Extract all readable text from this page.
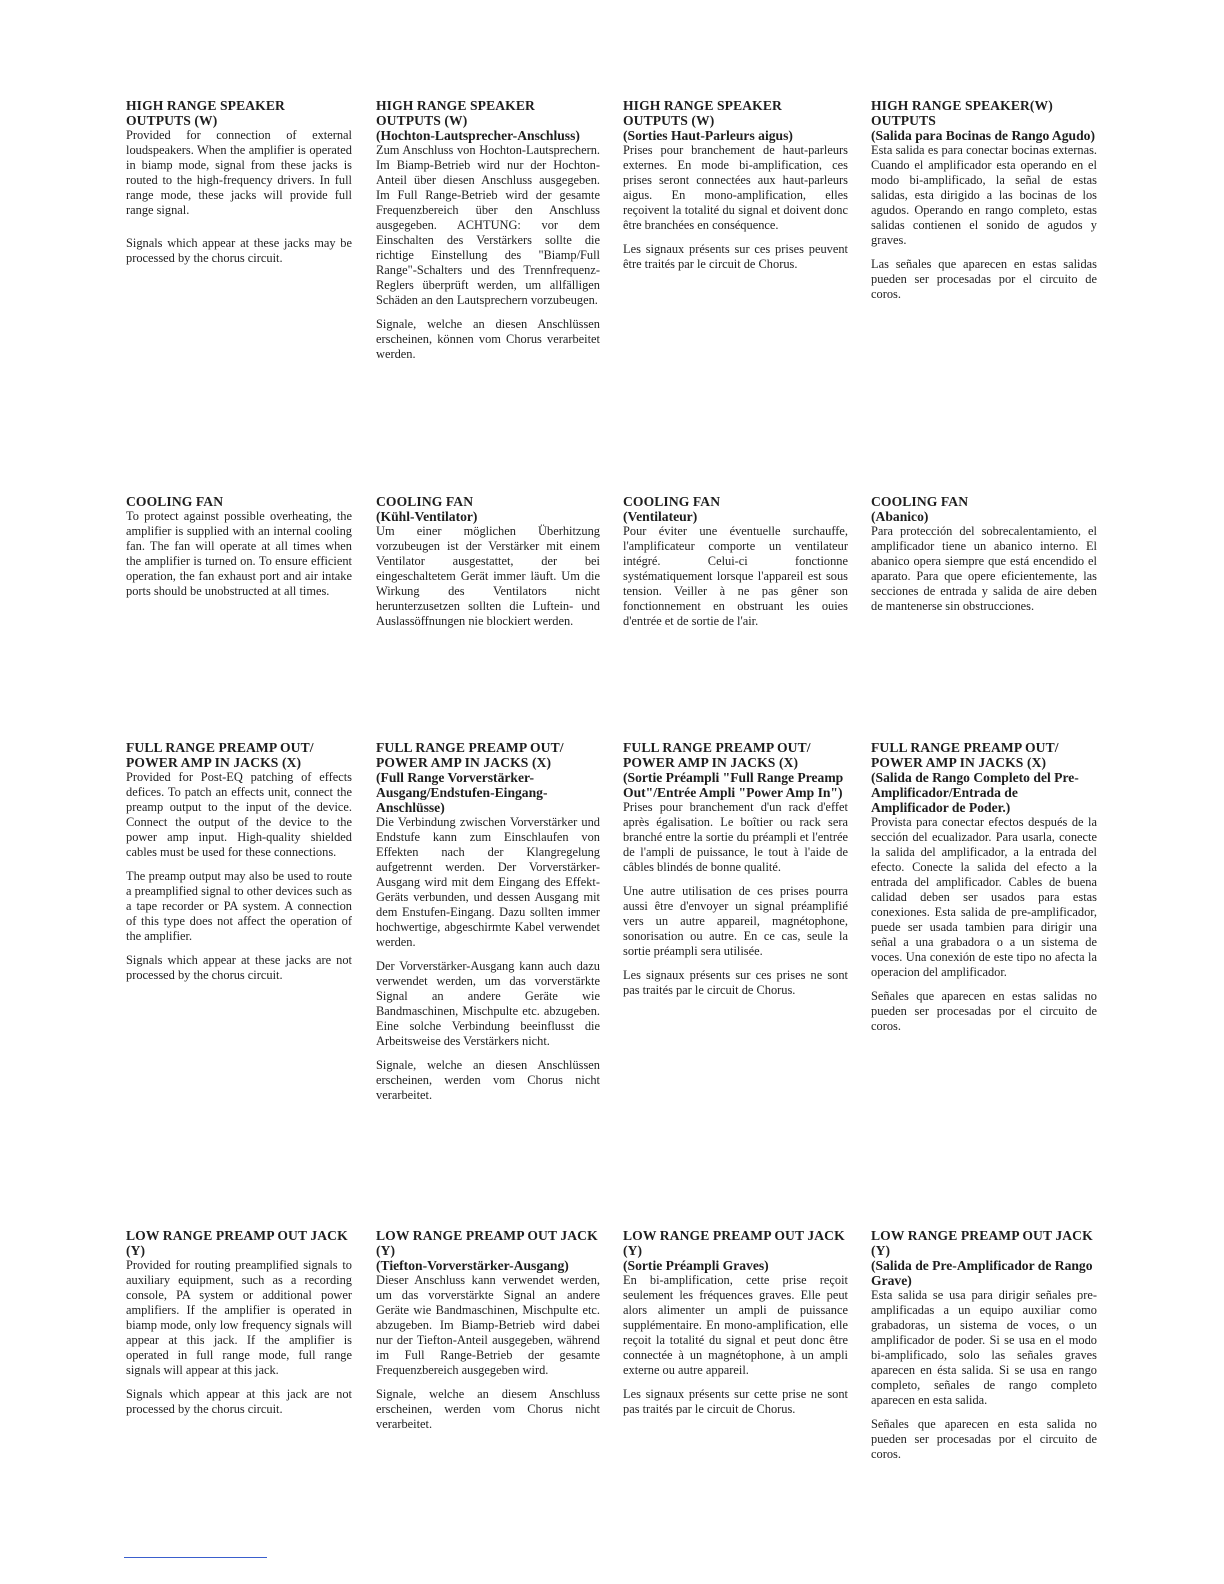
HIGH RANGE SPEAKER OUTPUTS (W)

Provided for connection of external loudspeakers. When the amplifier is operated in biamp mode, signal from these jacks is routed to the high-frequency drivers. In full range mode, these jacks will provide full range signal.

Signals which appear at these jacks may be processed by the chorus circuit.

HIGH RANGE SPEAKER OUTPUTS (W)

(Hochton-Lautsprecher-Anschluss)

Zum Anschluss von Hochton-Lautsprechern. Im Biamp-Betrieb wird nur der Hochton-Anteil über diesen Anschluss ausgegeben. Im Full Range-Betrieb wird der gesamte Frequenzbereich über den Anschluss ausgegeben. ACHTUNG: vor dem Einschalten des Verstärkers sollte die richtige Einstellung des "Biamp/Full Range"-Schalters und des Trennfrequenz-Reglers überprüft werden, um allfälligen Schäden an den Lautsprechern vorzubeugen.

Signale, welche an diesen Anschlüssen erscheinen, können vom Chorus verarbeitet werden.

HIGH RANGE SPEAKER OUTPUTS (W)

(Sorties Haut-Parleurs aigus)

Prises pour branchement de haut-parleurs externes. En mode bi-amplification, ces prises seront connectées aux haut-parleurs aigus. En mono-amplification, elles reçoivent la totalité du signal et doivent donc être branchées en conséquence.

Les signaux présents sur ces prises peuvent être traités par le circuit de Chorus.

HIGH RANGE SPEAKER(W) OUTPUTS

(Salida para Bocinas de Rango Agudo)

Esta salida es para conectar bocinas externas. Cuando el amplificador esta operando en el modo bi-amplificado, la señal de estas salidas, esta dirigido a las bocinas de los agudos. Operando en rango completo, estas salidas contienen el sonido de agudos y graves.

Las señales que aparecen en estas salidas pueden ser procesadas por el circuito de coros.

COOLING FAN

To protect against possible overheating, the amplifier is supplied with an internal cooling fan. The fan will operate at all times when the amplifier is turned on. To ensure efficient operation, the fan exhaust port and air intake ports should be unobstructed at all times.

COOLING FAN

(Kühl-Ventilator)

Um einer möglichen Überhitzung vorzubeugen ist der Verstärker mit einem Ventilator ausgestattet, der bei eingeschaltetem Gerät immer läuft. Um die Wirkung des Ventilators nicht herunterzusetzen sollten die Luftein- und Auslassöffnungen nie blockiert werden.

COOLING FAN

(Ventilateur)

Pour éviter une éventuelle surchauffe, l'amplificateur comporte un ventilateur intégré. Celui-ci fonctionne systématiquement lorsque l'appareil est sous tension. Veiller à ne pas gêner son fonctionnement en obstruant les ouies d'entrée et de sortie de l'air.

COOLING FAN

(Abanico)

Para protección del sobrecalentamiento, el amplificador tiene un abanico interno. El abanico opera siempre que está encendido el aparato. Para que opere eficientemente, las secciones de entrada y salida de aire deben de mantenerse sin obstrucciones.

FULL RANGE PREAMP OUT/ POWER AMP IN JACKS (X)

Provided for Post-EQ patching of effects defices. To patch an effects unit, connect the preamp output to the input of the device. Connect the output of the device to the power amp input. High-quality shielded cables must be used for these connections.

The preamp output may also be used to route a preamplified signal to other devices such as a tape recorder or PA system. A connection of this type does not affect the operation of the amplifier.

Signals which appear at these jacks are not processed by the chorus circuit.

FULL RANGE PREAMP OUT/ POWER AMP IN JACKS (X)

(Full Range Vorverstärker-Ausgang/Endstufen-Eingang-Anschlüsse)

Die Verbindung zwischen Vorverstärker und Endstufe kann zum Einschlaufen von Effekten nach der Klangregelung aufgetrennt werden. Der Vorverstärker-Ausgang wird mit dem Eingang des Effekt-Geräts verbunden, und dessen Ausgang mit dem Enstufen-Eingang. Dazu sollten immer hochwertige, abgeschirmte Kabel verwendet werden.

Der Vorverstärker-Ausgang kann auch dazu verwendet werden, um das vorverstärkte Signal an andere Geräte wie Bandmaschinen, Mischpulte etc. abzugeben. Eine solche Verbindung beeinflusst die Arbeitsweise des Verstärkers nicht.

Signale, welche an diesen Anschlüssen erscheinen, werden vom Chorus nicht verarbeitet.

FULL RANGE PREAMP OUT/ POWER AMP IN JACKS (X)

(Sortie Préampli "Full Range Preamp Out"/Entrée Ampli "Power Amp In")

Prises pour branchement d'un rack d'effet après égalisation. Le boîtier ou rack sera branché entre la sortie du préampli et l'entrée de l'ampli de puissance, le tout à l'aide de câbles blindés de bonne qualité.

Une autre utilisation de ces prises pourra aussi être d'envoyer un signal préamplifié vers un autre appareil, magnétophone, sonorisation ou autre. En ce cas, seule la sortie préampli sera utilisée.

Les signaux présents sur ces prises ne sont pas traités par le circuit de Chorus.

FULL RANGE PREAMP OUT/ POWER AMP IN JACKS (X)

(Salida de Rango Completo del Pre-Amplificador/Entrada de Amplificador de Poder.)

Provista para conectar efectos después de la sección del ecualizador. Para usarla, conecte la salida del amplificador, a la entrada del efecto. Conecte la salida del efecto a la entrada del amplificador. Cables de buena calidad deben ser usados para estas conexiones. Esta salida de pre-amplificador, puede ser usada tambien para dirigir una señal a una grabadora o a un sistema de voces. Una conexión de este tipo no afecta la operacion del amplificador.

Señales que aparecen en estas salidas no pueden ser procesadas por el circuito de coros.

LOW RANGE PREAMP OUT JACK (Y)

Provided for routing preamplified signals to auxiliary equipment, such as a recording console, PA system or additional power amplifiers. If the amplifier is operated in biamp mode, only low frequency signals will appear at this jack. If the amplifier is operated in full range mode, full range signals will appear at this jack.

Signals which appear at this jack are not processed by the chorus circuit.

LOW RANGE PREAMP OUT JACK (Y)

(Tiefton-Vorverstärker-Ausgang)

Dieser Anschluss kann verwendet werden, um das vorverstärkte Signal an andere Geräte wie Bandmaschinen, Mischpulte etc. abzugeben. Im Biamp-Betrieb wird dabei nur der Tiefton-Anteil ausgegeben, während im Full Range-Betrieb der gesamte Frequenzbereich ausgegeben wird.

Signale, welche an diesem Anschluss erscheinen, werden vom Chorus nicht verarbeitet.

LOW RANGE PREAMP OUT JACK (Y)

(Sortie Préampli Graves)

En bi-amplification, cette prise reçoit seulement les fréquences graves. Elle peut alors alimenter un ampli de puissance supplémentaire. En mono-amplification, elle reçoit la totalité du signal et peut donc être connectée à un magnétophone, à un ampli externe ou autre appareil.

Les signaux présents sur cette prise ne sont pas traités par le circuit de Chorus.

LOW RANGE PREAMP OUT JACK (Y)

(Salida de Pre-Amplificador de Rango Grave)

Esta salida se usa para dirigir señales pre-amplificadas a un equipo auxiliar como grabadoras, un sistema de voces, o un amplificador de poder. Si se usa en el modo bi-amplificado, solo las señales graves aparecen en ésta salida. Si se usa en rango completo, señales de rango completo aparecen en esta salida.

Señales que aparecen en esta salida no pueden ser procesadas por el circuito de coros.
